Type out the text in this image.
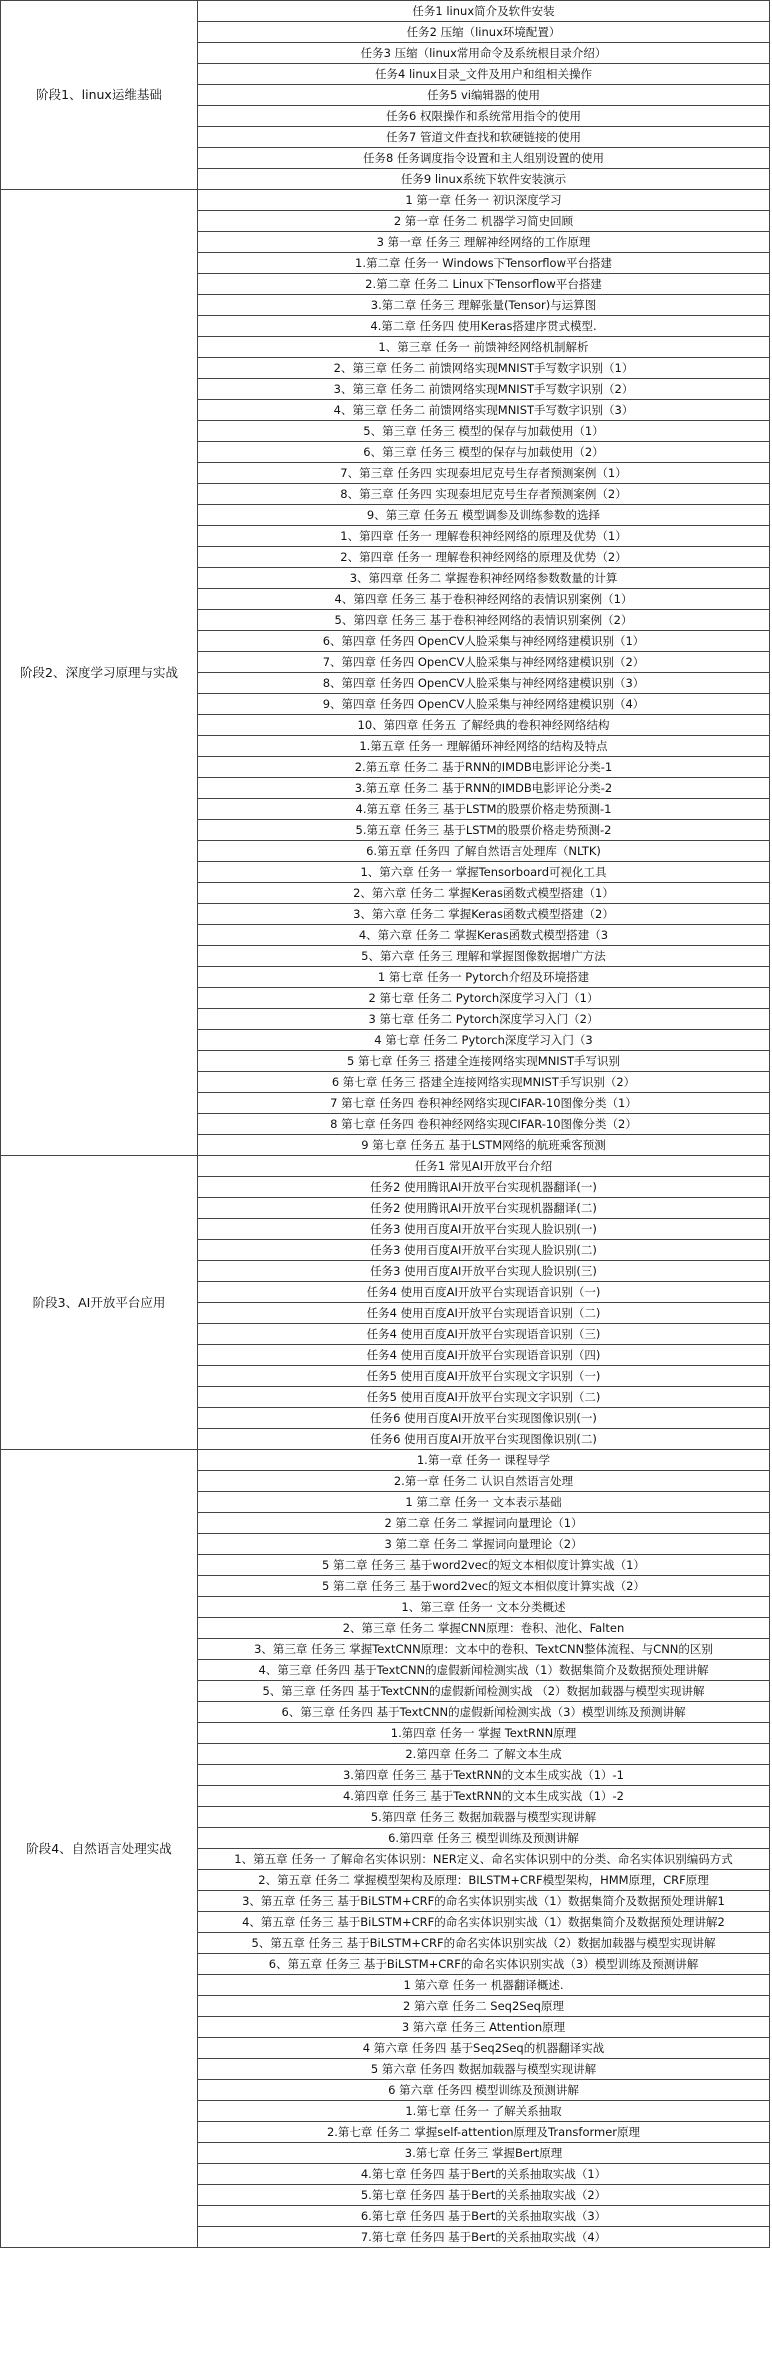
阶段1、linux运维基础	任务1 linux简介及软件安装
	任务2 压缩（linux环境配置）
	任务3 压缩（linux常用命令及系统根目录介绍）
	任务4 linux目录_文件及用户和组相关操作
	任务5 vi编辑器的使用
	任务6 权限操作和系统常用指令的使用
	任务7 管道文件查找和软硬链接的使用
	任务8 任务调度指令设置和主人组别设置的使用
	任务9 linux系统下软件安装演示
阶段2、深度学习原理与实战	1 第一章 任务一 初识深度学习
	2 第一章 任务二 机器学习简史回顾
	3 第一章 任务三 理解神经网络的工作原理
	1.第二章 任务一 Windows下Tensorflow平台搭建
	2.第二章 任务二 Linux下Tensorflow平台搭建
	3.第二章 任务三 理解张量(Tensor)与运算图
	4.第二章 任务四 使用Keras搭建序贯式模型.
	1、第三章 任务一 前馈神经网络机制解析
	2、第三章 任务二 前馈网络实现MNIST手写数字识别（1）
	3、第三章 任务二 前馈网络实现MNIST手写数字识别（2）
	4、第三章 任务二 前馈网络实现MNIST手写数字识别（3）
	5、第三章 任务三 模型的保存与加载使用（1）
	6、第三章 任务三 模型的保存与加载使用（2）
	7、第三章 任务四 实现泰坦尼克号生存者预测案例（1）
	8、第三章 任务四 实现泰坦尼克号生存者预测案例（2）
	9、第三章 任务五 模型调参及训练参数的选择
	1、第四章 任务一 理解卷积神经网络的原理及优势（1）
	2、第四章 任务一 理解卷积神经网络的原理及优势（2）
	3、第四章 任务二 掌握卷积神经网络参数数量的计算
	4、第四章 任务三 基于卷积神经网络的表情识别案例（1）
	5、第四章 任务三 基于卷积神经网络的表情识别案例（2）
	6、第四章 任务四 OpenCV人脸采集与神经网络建模识别（1）
	7、第四章 任务四 OpenCV人脸采集与神经网络建模识别（2）
	8、第四章 任务四 OpenCV人脸采集与神经网络建模识别（3）
	9、第四章 任务四 OpenCV人脸采集与神经网络建模识别（4）
	10、第四章 任务五 了解经典的卷积神经网络结构
	1.第五章 任务一 理解循环神经网络的结构及特点
	2.第五章 任务二 基于RNN的IMDB电影评论分类-1
	3.第五章 任务二 基于RNN的IMDB电影评论分类-2
	4.第五章 任务三 基于LSTM的股票价格走势预测-1
	5.第五章 任务三 基于LSTM的股票价格走势预测-2
	6.第五章 任务四 了解自然语言处理库（NLTK)
	1、第六章 任务一 掌握Tensorboard可视化工具
	2、第六章 任务二 掌握Keras函数式模型搭建（1）
	3、第六章 任务二 掌握Keras函数式模型搭建（2）
	4、第六章 任务二 掌握Keras函数式模型搭建（3
	5、第六章 任务三 理解和掌握图像数据增广方法
	1 第七章 任务一 Pytorch介绍及环境搭建
	2 第七章 任务二 Pytorch深度学习入门（1）
	3 第七章 任务二 Pytorch深度学习入门（2）
	4 第七章 任务二 Pytorch深度学习入门（3
	5 第七章 任务三 搭建全连接网络实现MNIST手写识别
	6 第七章 任务三 搭建全连接网络实现MNIST手写识别（2）
	7 第七章 任务四 卷积神经网络实现CIFAR-10图像分类（1）
	8 第七章 任务四 卷积神经网络实现CIFAR-10图像分类（2）
	9 第七章 任务五 基于LSTM网络的航班乘客预测
阶段3、AI开放平台应用	任务1 常见AI开放平台介绍
	任务2 使用腾讯AI开放平台实现机器翻译(一)
	任务2 使用腾讯AI开放平台实现机器翻译(二)
	任务3 使用百度AI开放平台实现人脸识别(一)
	任务3 使用百度AI开放平台实现人脸识别(二)
	任务3 使用百度AI开放平台实现人脸识别(三)
	任务4 使用百度AI开放平台实现语音识别（一)
	任务4 使用百度AI开放平台实现语音识别（二)
	任务4 使用百度AI开放平台实现语音识别（三)
	任务4 使用百度AI开放平台实现语音识别（四)
	任务5 使用百度AI开放平台实现文字识别（一)
	任务5 使用百度AI开放平台实现文字识别（二)
	任务6 使用百度AI开放平台实现图像识别(一)
	任务6 使用百度AI开放平台实现图像识别(二)
阶段4、自然语言处理实战	1.第一章 任务一 课程导学
	2.第一章 任务二 认识自然语言处理
	1 第二章 任务一 文本表示基础
	2 第二章 任务二 掌握词向量理论（1）
	3 第二章 任务二 掌握词向量理论（2）
	5 第二章 任务三 基于word2vec的短文本相似度计算实战（1）
	5 第二章 任务三 基于word2vec的短文本相似度计算实战（2）
	1、第三章 任务一 文本分类概述
	2、第三章 任务二 掌握CNN原理：卷积、池化、Falten
	3、第三章 任务三 掌握TextCNN原理：文本中的卷积、TextCNN整体流程、与CNN的区别
	4、第三章 任务四 基于TextCNN的虚假新闻检测实战（1）数据集简介及数据预处理讲解
	5、第三章 任务四 基于TextCNN的虚假新闻检测实战 （2）数据加载器与模型实现讲解
	6、第三章 任务四 基于TextCNN的虚假新闻检测实战（3）模型训练及预测讲解
	1.第四章 任务一 掌握 TextRNN原理
	2.第四章 任务二 了解文本生成
	3.第四章 任务三 基于TextRNN的文本生成实战（1）-1
	4.第四章 任务三 基于TextRNN的文本生成实战（1）-2
	5.第四章 任务三 数据加载器与模型实现讲解
	6.第四章 任务三 模型训练及预测讲解
	1、第五章 任务一 了解命名实体识别：NER定义、命名实体识别中的分类、命名实体识别编码方式
	2、第五章 任务二 掌握模型架构及原理：BILSTM+CRF模型架构，HMM原理，CRF原理
	3、第五章 任务三 基于BiLSTM+CRF的命名实体识别实战（1）数据集简介及数据预处理讲解1
	4、第五章 任务三 基于BiLSTM+CRF的命名实体识别实战（1）数据集简介及数据预处理讲解2
	5、第五章 任务三 基于BiLSTM+CRF的命名实体识别实战（2）数据加载器与模型实现讲解
	6、第五章 任务三 基于BiLSTM+CRF的命名实体识别实战（3）模型训练及预测讲解
	1 第六章 任务一 机器翻译概述.
	2 第六章 任务二 Seq2Seq原理
	3 第六章 任务三 Attention原理
	4 第六章 任务四 基于Seq2Seq的机器翻译实战
	5 第六章 任务四 数据加载器与模型实现讲解
	6 第六章 任务四 模型训练及预测讲解
	1.第七章 任务一 了解关系抽取
	2.第七章 任务二 掌握self-attention原理及Transformer原理
	3.第七章 任务三 掌握Bert原理
	4.第七章 任务四 基于Bert的关系抽取实战（1）
	5.第七章 任务四 基于Bert的关系抽取实战（2）
	6.第七章 任务四 基于Bert的关系抽取实战（3）
	7.第七章 任务四 基于Bert的关系抽取实战（4）
